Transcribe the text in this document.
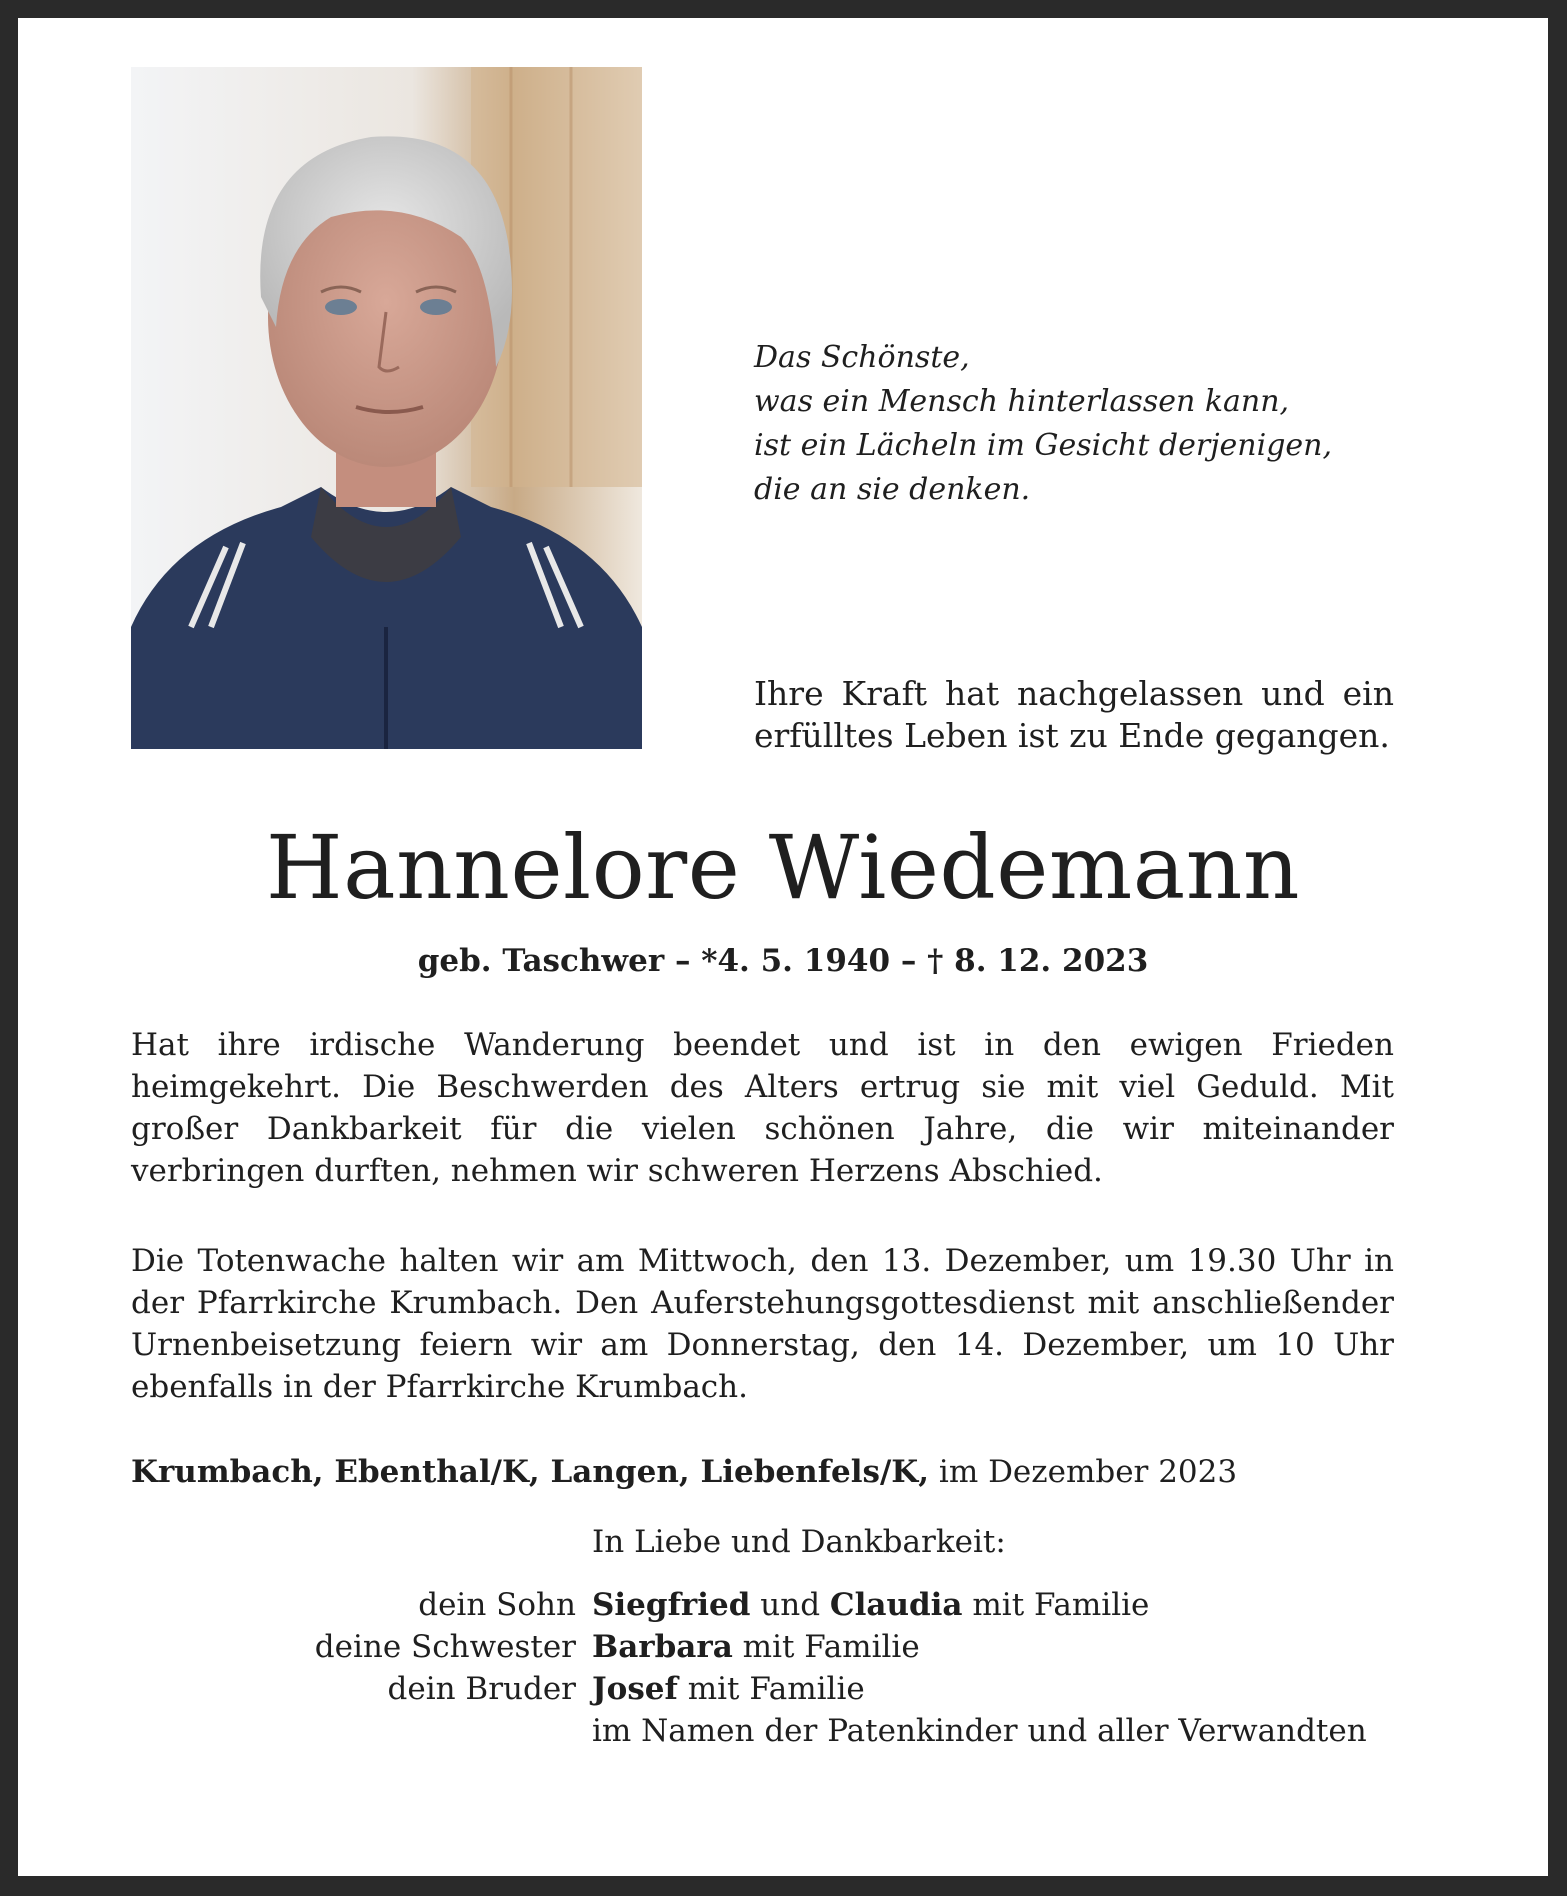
Das Schönste,
was ein Mensch hinterlassen kann,
ist ein Lächeln im Gesicht derjenigen,
die an sie denken.
Ihre Kraft hat nachgelassen und ein erfülltes Leben ist zu Ende gegangen.
Hannelore Wiedemann
geb. Taschwer – *4. 5. 1940 – † 8. 12. 2023

Hat ihre irdische Wanderung beendet und ist in den ewigen Frieden heimgekehrt. Die Beschwerden des Alters ertrug sie mit viel Geduld. Mit großer Dankbarkeit für die vielen schönen Jahre, die wir miteinander verbringen durften, nehmen wir schweren Herzens Abschied.

Die Totenwache halten wir am Mittwoch, den 13. Dezember, um 19.30 Uhr in der Pfarrkirche Krumbach. Den Auferstehungsgottesdienst mit anschließender Urnenbeisetzung feiern wir am Donnerstag, den 14. Dezember, um 10 Uhr ebenfalls in der Pfarrkirche Krumbach.

Krumbach, Ebenthal/K, Langen, Liebenfels/K, im Dezember 2023
In Liebe und Dankbarkeit:
dein Sohn Siegfried und Claudia mit Familie
deine Schwester Barbara mit Familie
dein Bruder Josef mit Familie
im Namen der Patenkinder und aller Verwandten
